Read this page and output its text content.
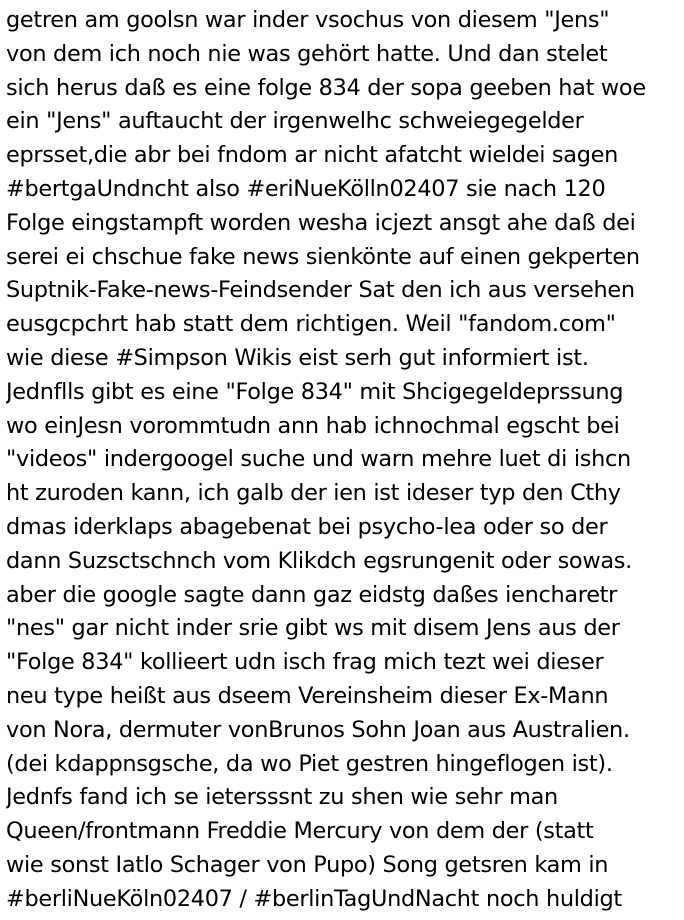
getren am goolsn war inder vsochus von diesem "Jens"
von dem ich noch nie was gehört hatte. Und dan stelet
sich herus daß es eine folge 834 der sopa geeben hat woe
ein "Jens" auftaucht der irgenwelhc schweiegegelder
eprsset,die abr bei fndom ar nicht afatcht wieldei sagen
#bertgaUndncht also #eriNueKölln02407 sie nach 120
Folge eingstampft worden wesha icjezt ansgt ahe daß dei
serei ei chschue fake news sienkönte auf einen gekperten
Suptnik-Fake-news-Feindsender Sat den ich aus versehen
eusgcpchrt hab statt dem richtigen. Weil "fandom.com"
wie diese #Simpson Wikis eist serh gut informiert ist.
Jednflls gibt es eine "Folge 834" mit Shcigegeldeprssung
wo einJesn vorommtudn ann hab ichnochmal egscht bei
"videos" indergoogel suche und warn mehre luet di ishcn
ht zuroden kann, ich galb der ien ist ideser typ den Cthy
dmas iderklaps abagebenat bei psycho-lea oder so der
dann Suzsctschnch vom Klikdch egsrungenit oder sowas.
aber die google sagte dann gaz eidstg daßes iencharetr
"nes" gar nicht inder srie gibt ws mit disem Jens aus der
"Folge 834" kollieert udn isch frag mich tezt wei dieser
neu type heißt aus dseem Vereinsheim dieser Ex-Mann
von Nora, dermuter vonBrunos Sohn Joan aus Australien.
(dei kdappnsgsche, da wo Piet gestren hingeflogen ist).
Jednfs fand ich se ietersssnt zu shen wie sehr man
Queen/frontmann Freddie Mercury von dem der (statt
wie sonst Iatlo Schager von Pupo) Song getsren kam in
#berliNueKöln02407 / #berlinTagUndNacht noch huldigt
